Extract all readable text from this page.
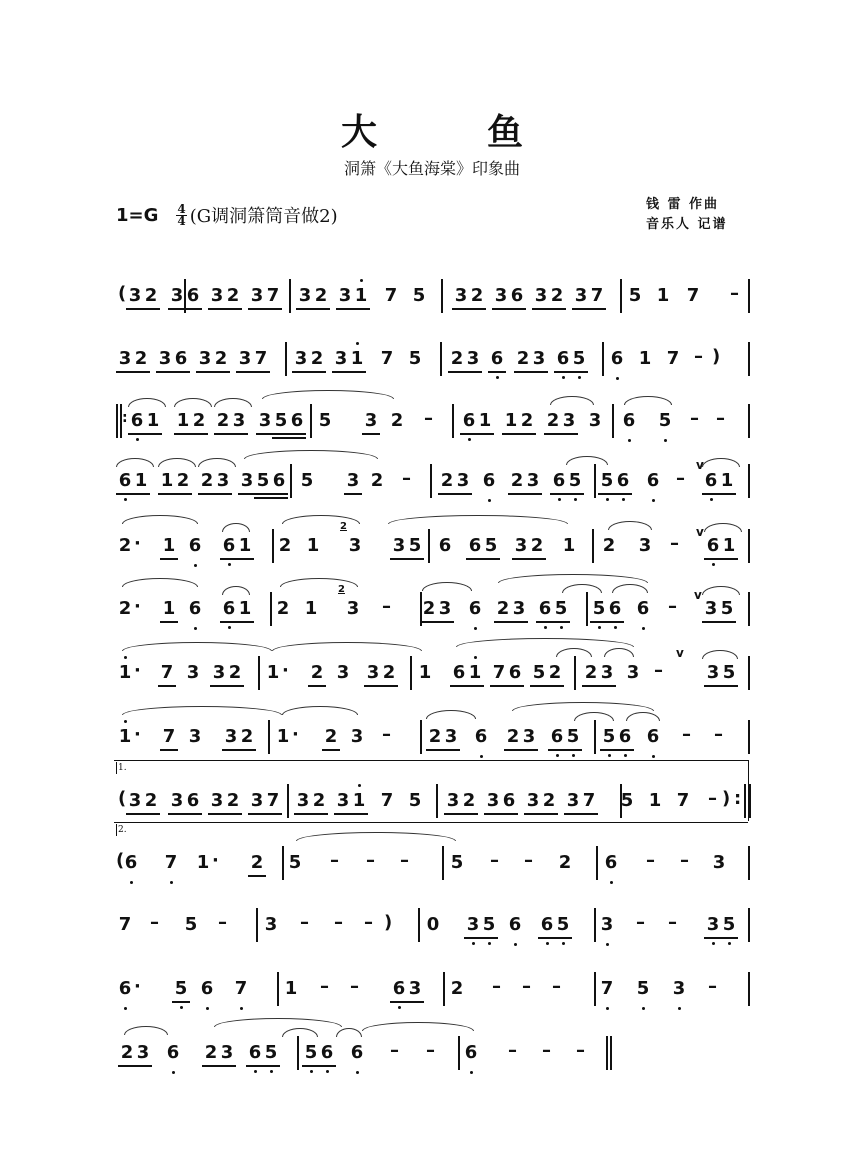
大	鱼
洞箫《大鱼海棠》印象曲
$1=G \frac{4}{4} (G$调洞箫筒音做2)
钱 雷 作曲
音乐人 记谱
1.
2.
( 3 2 3 6 3 2 3 7 3 2 3 1 7 5 3 2 3 6 3 2 3 7 5 1 7 –
3 2 3 6 3 2 3 7 3 2 3 1 7 5 2 3 6 2 3 6 5 6 1 7 – )
: 6 1 1 2 2 3 3 5 6 5 3 2 – 6 1 1 2 2 3 3 6 5 – –
6 1 1 2 2 3 3 5 6 5 3 2 – 2 3 6 2 3 6 5 5 6 6 – 6 1
v
2 · 1 6 6 1 2 1 3 3 5 6 6 5 3 2 1 2 3 – 6 1
v
2
2 · 1 6 6 1 2 1 3 – 2 3 6 2 3 6 5 5 6 6 – 3 5
v
2
1 · 7 3 3 2 1 · 2 3 3 2 1 6 1 7 6 5 2 2 3 3 – 3 5
v
1 · 7 3 3 2 1 · 2 3 – 2 3 6 2 3 6 5 5 6 6 – –
( 3 2 3 6 3 2 3 7 3 2 3 1 7 5 3 2 3 6 3 2 3 7 5 1 7 – ) :
( 6 7 1 · 2 5 – – – 5 – – 2 6 – – 3
7 – 5 – 3 – – – ) 0 3 5 6 6 5 3 – – 3 5
6 · 5 6 7 1 – – 6 3 2 – – – 7 5 3 –
2 3 6 2 3 6 5 5 6 6 – – 6 – – –
